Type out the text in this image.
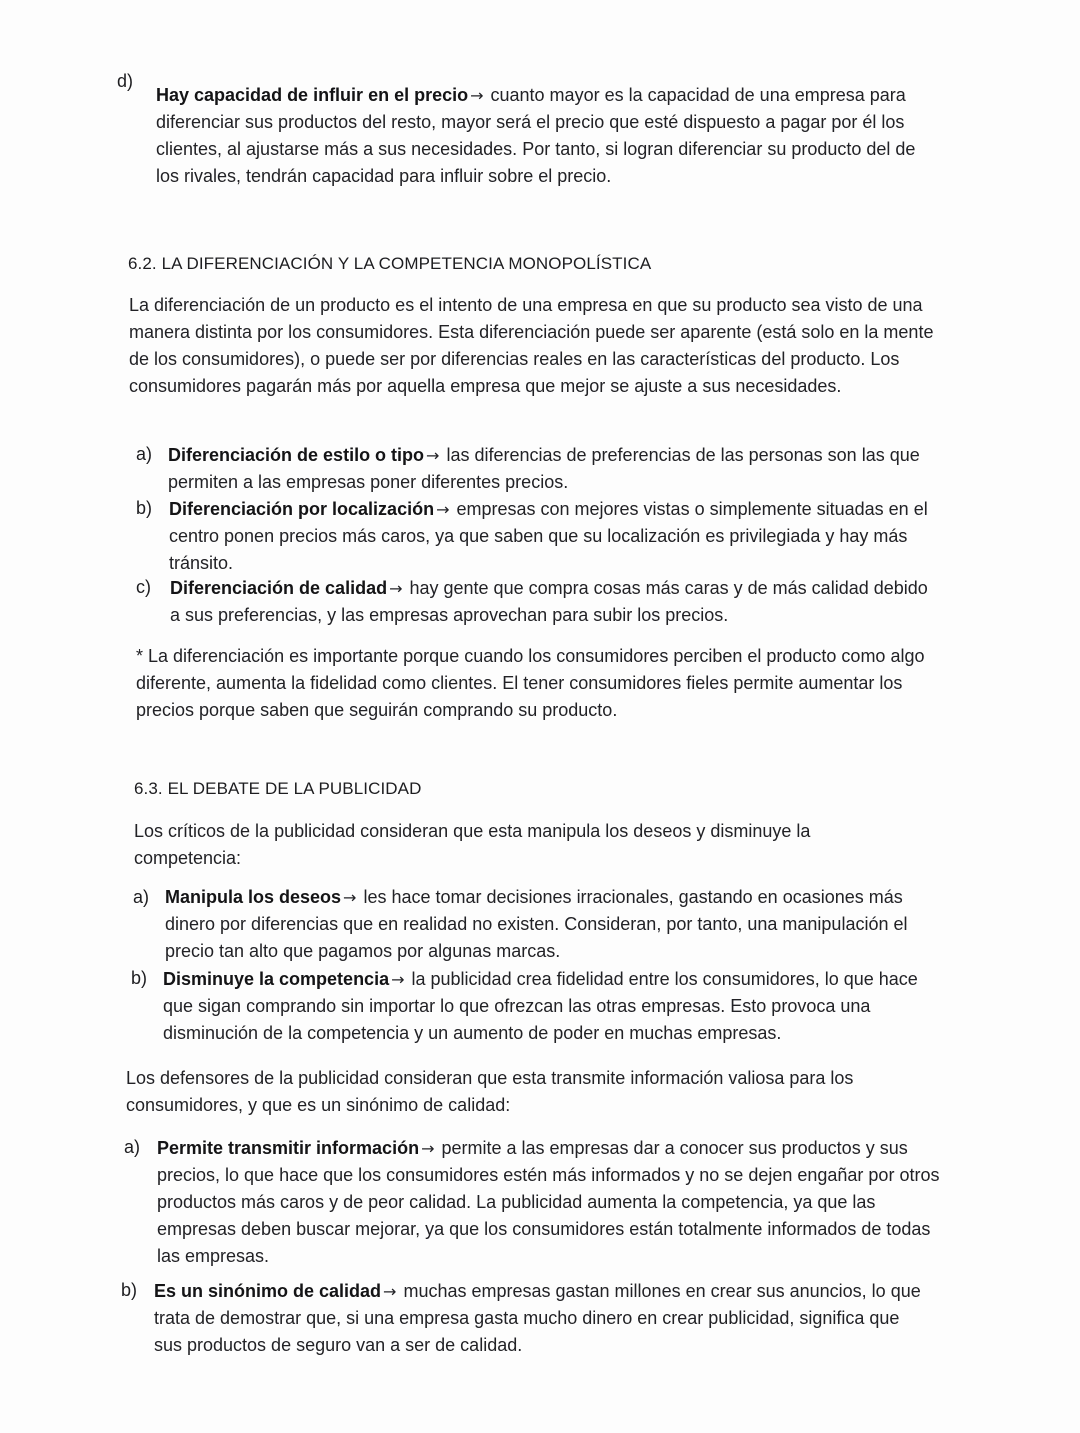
d)
Hay capacidad de influir en el precio → cuanto mayor es la capacidad de una empresa para diferenciar sus productos del resto, mayor será el precio que esté dispuesto a pagar por él los clientes, al ajustarse más a sus necesidades. Por tanto, si logran diferenciar su producto del de los rivales, tendrán capacidad para influir sobre el precio.
6.2. LA DIFERENCIACIÓN Y LA COMPETENCIA MONOPOLÍSTICA
La diferenciación de un producto es el intento de una empresa en que su producto sea visto de una manera distinta por los consumidores. Esta diferenciación puede ser aparente (está solo en la mente de los consumidores), o puede ser por diferencias reales en las características del producto. Los consumidores pagarán más por aquella empresa que mejor se ajuste a sus necesidades.
a) Diferenciación de estilo o tipo → las diferencias de preferencias de las personas son las que permiten a las empresas poner diferentes precios.
b) Diferenciación por localización → empresas con mejores vistas o simplemente situadas en el centro ponen precios más caros, ya que saben que su localización es privilegiada y hay más tránsito.
c) Diferenciación de calidad → hay gente que compra cosas más caras y de más calidad debido a sus preferencias, y las empresas aprovechan para subir los precios.
* La diferenciación es importante porque cuando los consumidores perciben el producto como algo diferente, aumenta la fidelidad como clientes. El tener consumidores fieles permite aumentar los precios porque saben que seguirán comprando su producto.
6.3. EL DEBATE DE LA PUBLICIDAD
Los críticos de la publicidad consideran que esta manipula los deseos y disminuye la competencia:
a) Manipula los deseos → les hace tomar decisiones irracionales, gastando en ocasiones más dinero por diferencias que en realidad no existen. Consideran, por tanto, una manipulación el precio tan alto que pagamos por algunas marcas.
b) Disminuye la competencia → la publicidad crea fidelidad entre los consumidores, lo que hace que sigan comprando sin importar lo que ofrezcan las otras empresas. Esto provoca una disminución de la competencia y un aumento de poder en muchas empresas.
Los defensores de la publicidad consideran que esta transmite información valiosa para los consumidores, y que es un sinónimo de calidad:
a) Permite transmitir información → permite a las empresas dar a conocer sus productos y sus precios, lo que hace que los consumidores estén más informados y no se dejen engañar por otros productos más caros y de peor calidad. La publicidad aumenta la competencia, ya que las empresas deben buscar mejorar, ya que los consumidores están totalmente informados de todas las empresas.
b) Es un sinónimo de calidad → muchas empresas gastan millones en crear sus anuncios, lo que trata de demostrar que, si una empresa gasta mucho dinero en crear publicidad, significa que sus productos de seguro van a ser de calidad.
